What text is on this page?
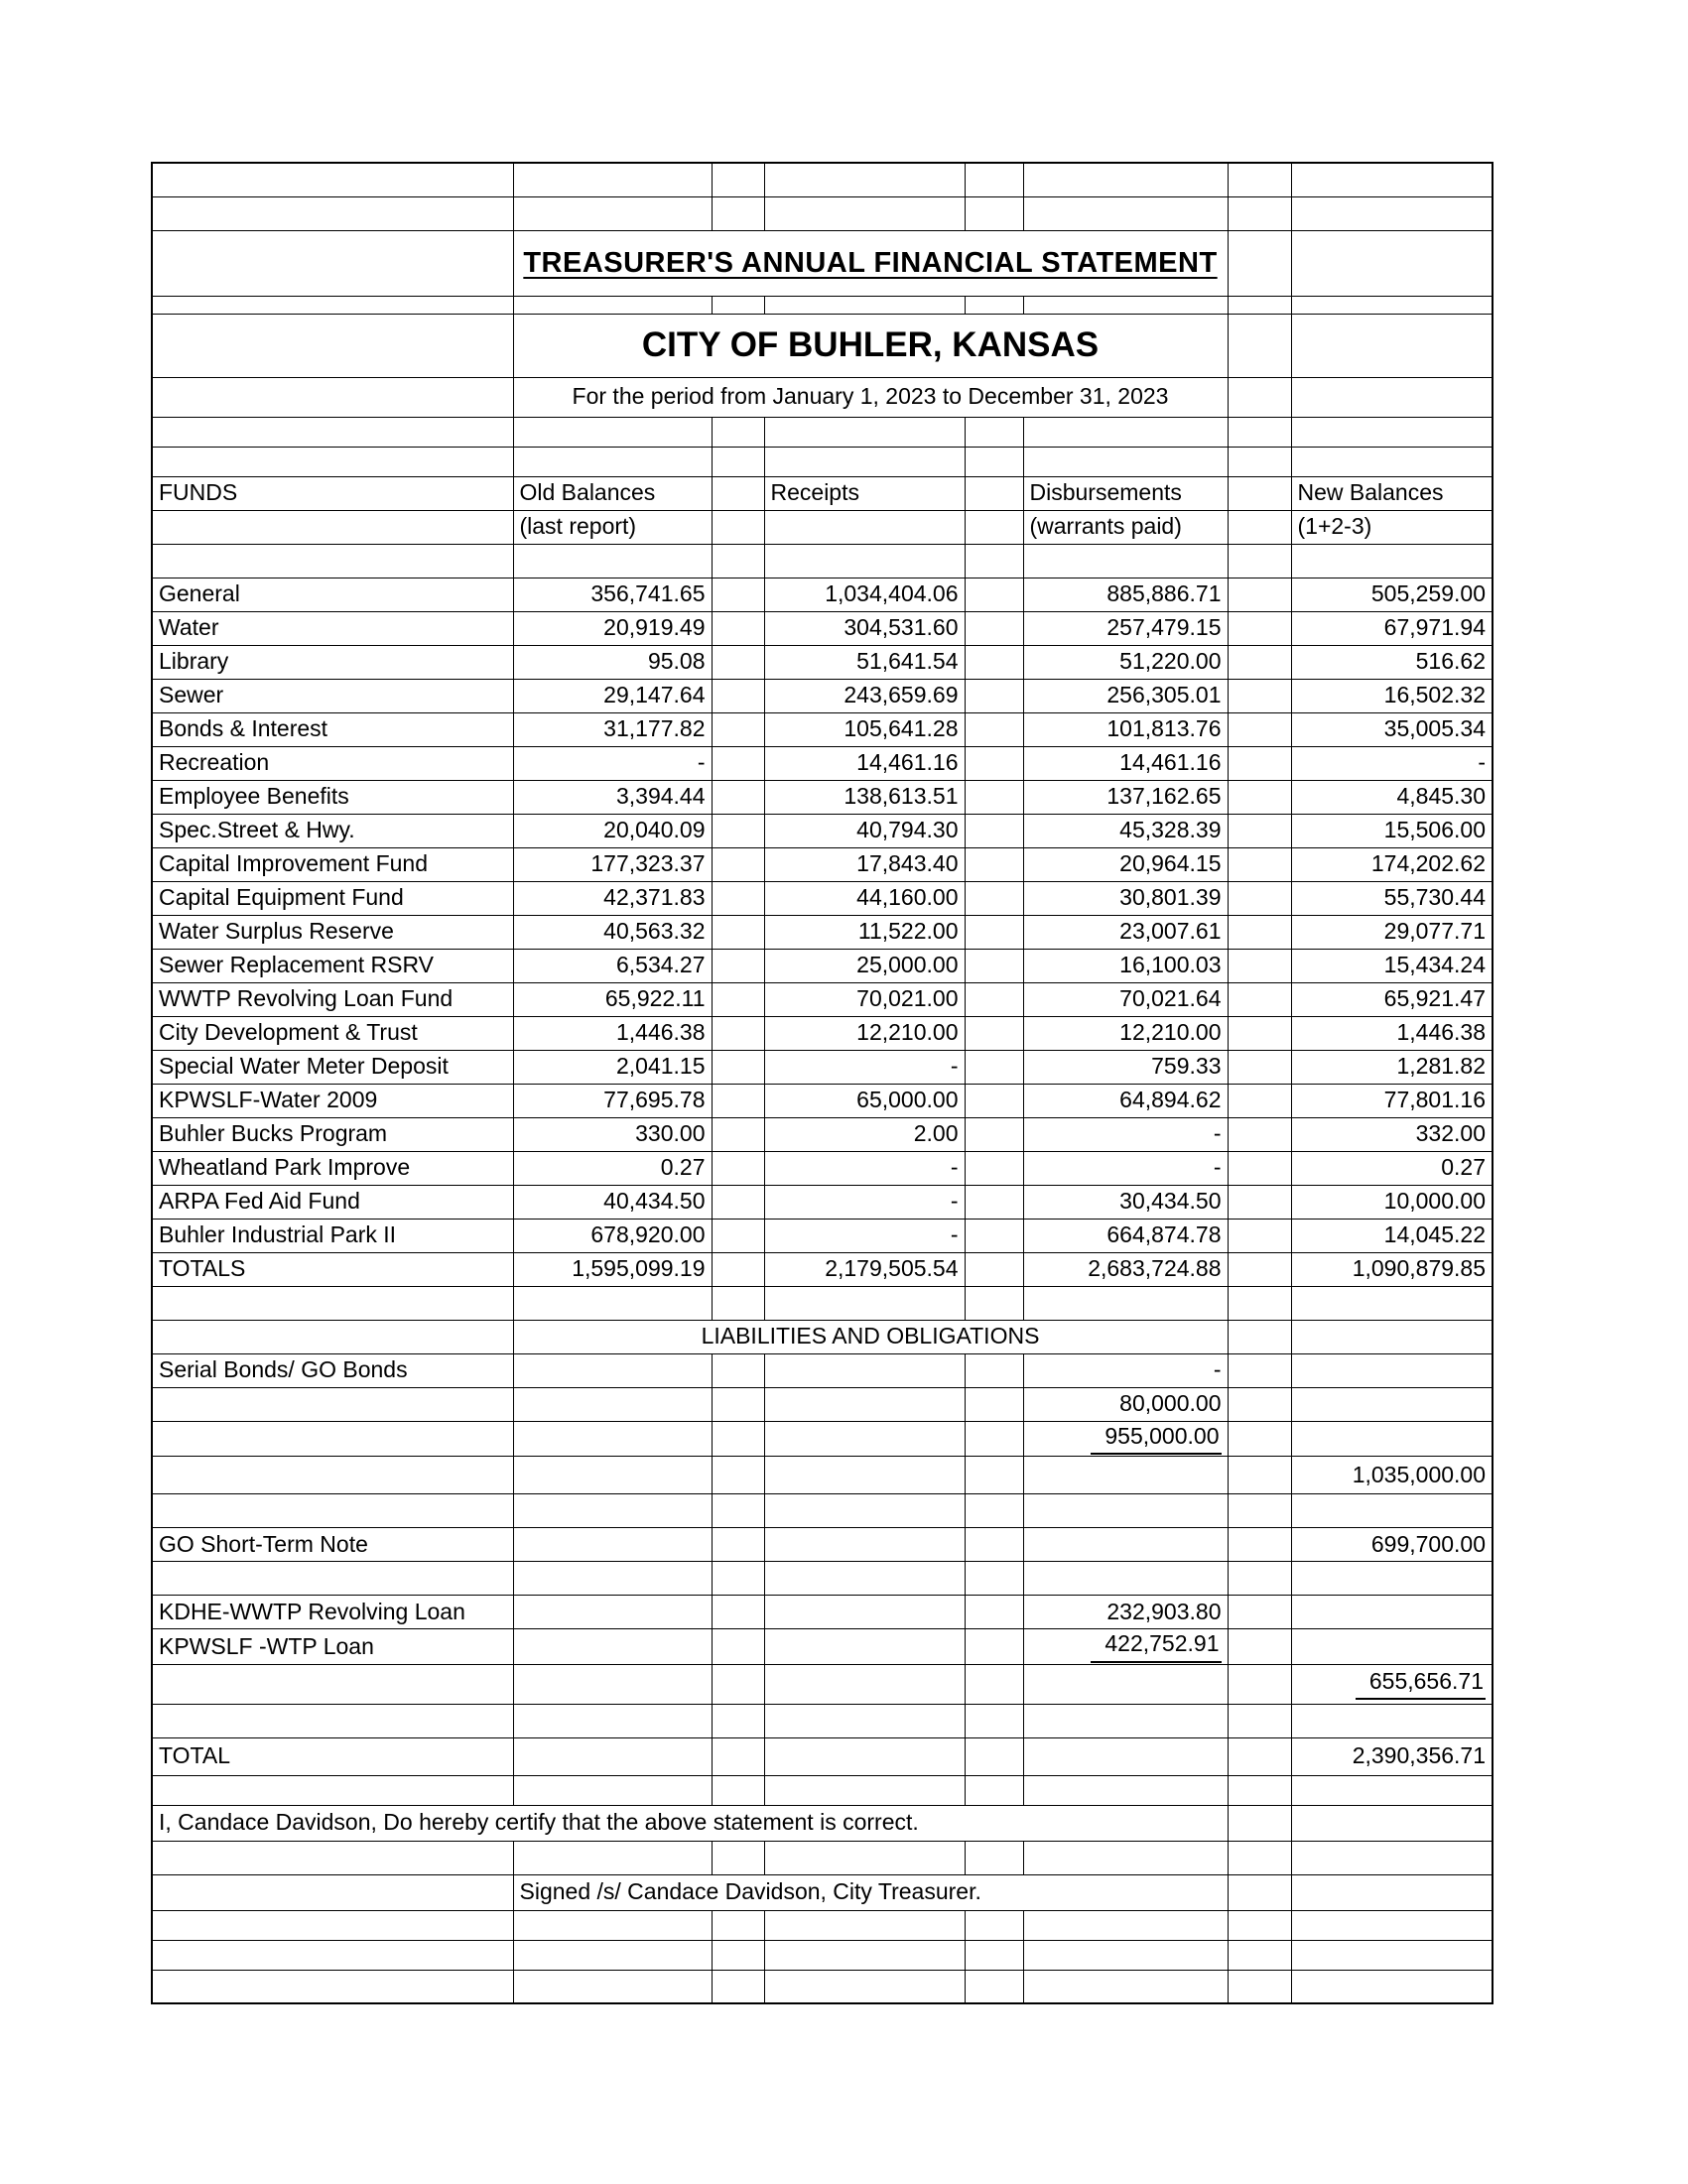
	TREASURER'S ANNUAL FINANCIAL STATEMENT						

	CITY OF BUHLER, KANSAS						
	For the period from January 1, 2023 to December 31, 2023						

FUNDS	Old Balances		Receipts		Disbursements		New Balances
	(last report)				(warrants paid)		(1+2-3)

General	356,741.65		1,034,404.06		885,886.71		505,259.00
Water	20,919.49		304,531.60		257,479.15		67,971.94
Library	95.08		51,641.54		51,220.00		516.62
Sewer	29,147.64		243,659.69		256,305.01		16,502.32
Bonds & Interest	31,177.82		105,641.28		101,813.76		35,005.34
Recreation	-		14,461.16		14,461.16		-
Employee Benefits	3,394.44		138,613.51		137,162.65		4,845.30
Spec.Street & Hwy.	20,040.09		40,794.30		45,328.39		15,506.00
Capital Improvement Fund	177,323.37		17,843.40		20,964.15		174,202.62
Capital Equipment Fund	42,371.83		44,160.00		30,801.39		55,730.44
Water Surplus Reserve	40,563.32		11,522.00		23,007.61		29,077.71
Sewer Replacement RSRV	6,534.27		25,000.00		16,100.03		15,434.24
WWTP Revolving Loan Fund	65,922.11		70,021.00		70,021.64		65,921.47
City Development & Trust	1,446.38		12,210.00		12,210.00		1,446.38
Special Water Meter Deposit	2,041.15		-		759.33		1,281.82
KPWSLF-Water 2009	77,695.78		65,000.00		64,894.62		77,801.16
Buhler Bucks Program	330.00		2.00		-		332.00
Wheatland Park Improve	0.27		-		-		0.27
ARPA Fed Aid Fund	40,434.50		-		30,434.50		10,000.00
Buhler Industrial Park II	678,920.00		-		664,874.78		14,045.22
TOTALS	1,595,099.19		2,179,505.54		2,683,724.88		1,090,879.85

	LIABILITIES AND OBLIGATIONS						
Serial Bonds/ GO Bonds					-		
					80,000.00		
					955,000.00		
							1,035,000.00

GO Short-Term Note							699,700.00

KDHE-WWTP Revolving Loan					232,903.80		
KPWSLF -WTP Loan					422,752.91		
							655,656.71

TOTAL							2,390,356.71

I, Candace Davidson, Do hereby certify that the above statement is correct.							

	Signed /s/ Candace Davidson, City Treasurer.						
